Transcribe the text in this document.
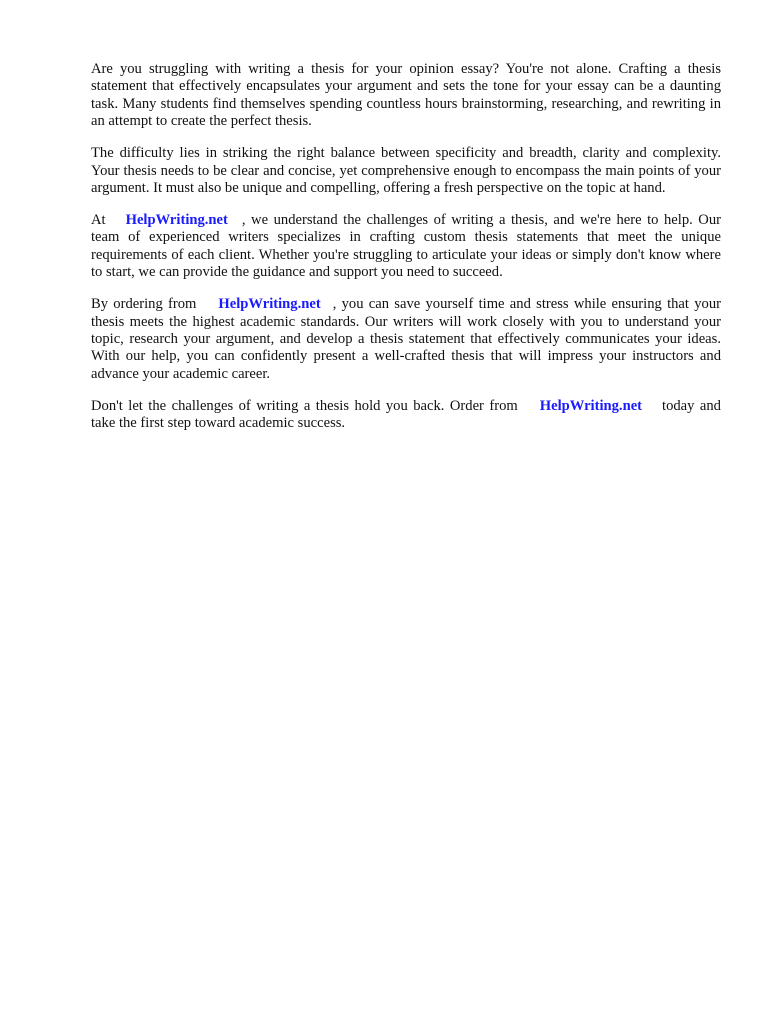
Are you struggling with writing a thesis for your opinion essay? You're not alone. Crafting a thesis statement that effectively encapsulates your argument and sets the tone for your essay can be a daunting task. Many students find themselves spending countless hours brainstorming, researching, and rewriting in an attempt to create the perfect thesis.

The difficulty lies in striking the right balance between specificity and breadth, clarity and complexity. Your thesis needs to be clear and concise, yet comprehensive enough to encompass the main points of your argument. It must also be unique and compelling, offering a fresh perspective on the topic at hand.

At HelpWriting.net , we understand the challenges of writing a thesis, and we're here to help. Our team of experienced writers specializes in crafting custom thesis statements that meet the unique requirements of each client. Whether you're struggling to articulate your ideas or simply don't know where to start, we can provide the guidance and support you need to succeed.

By ordering from HelpWriting.net , you can save yourself time and stress while ensuring that your thesis meets the highest academic standards. Our writers will work closely with you to understand your topic, research your argument, and develop a thesis statement that effectively communicates your ideas. With our help, you can confidently present a well-crafted thesis that will impress your instructors and advance your academic career.

Don't let the challenges of writing a thesis hold you back. Order from HelpWriting.net today and take the first step toward academic success.
